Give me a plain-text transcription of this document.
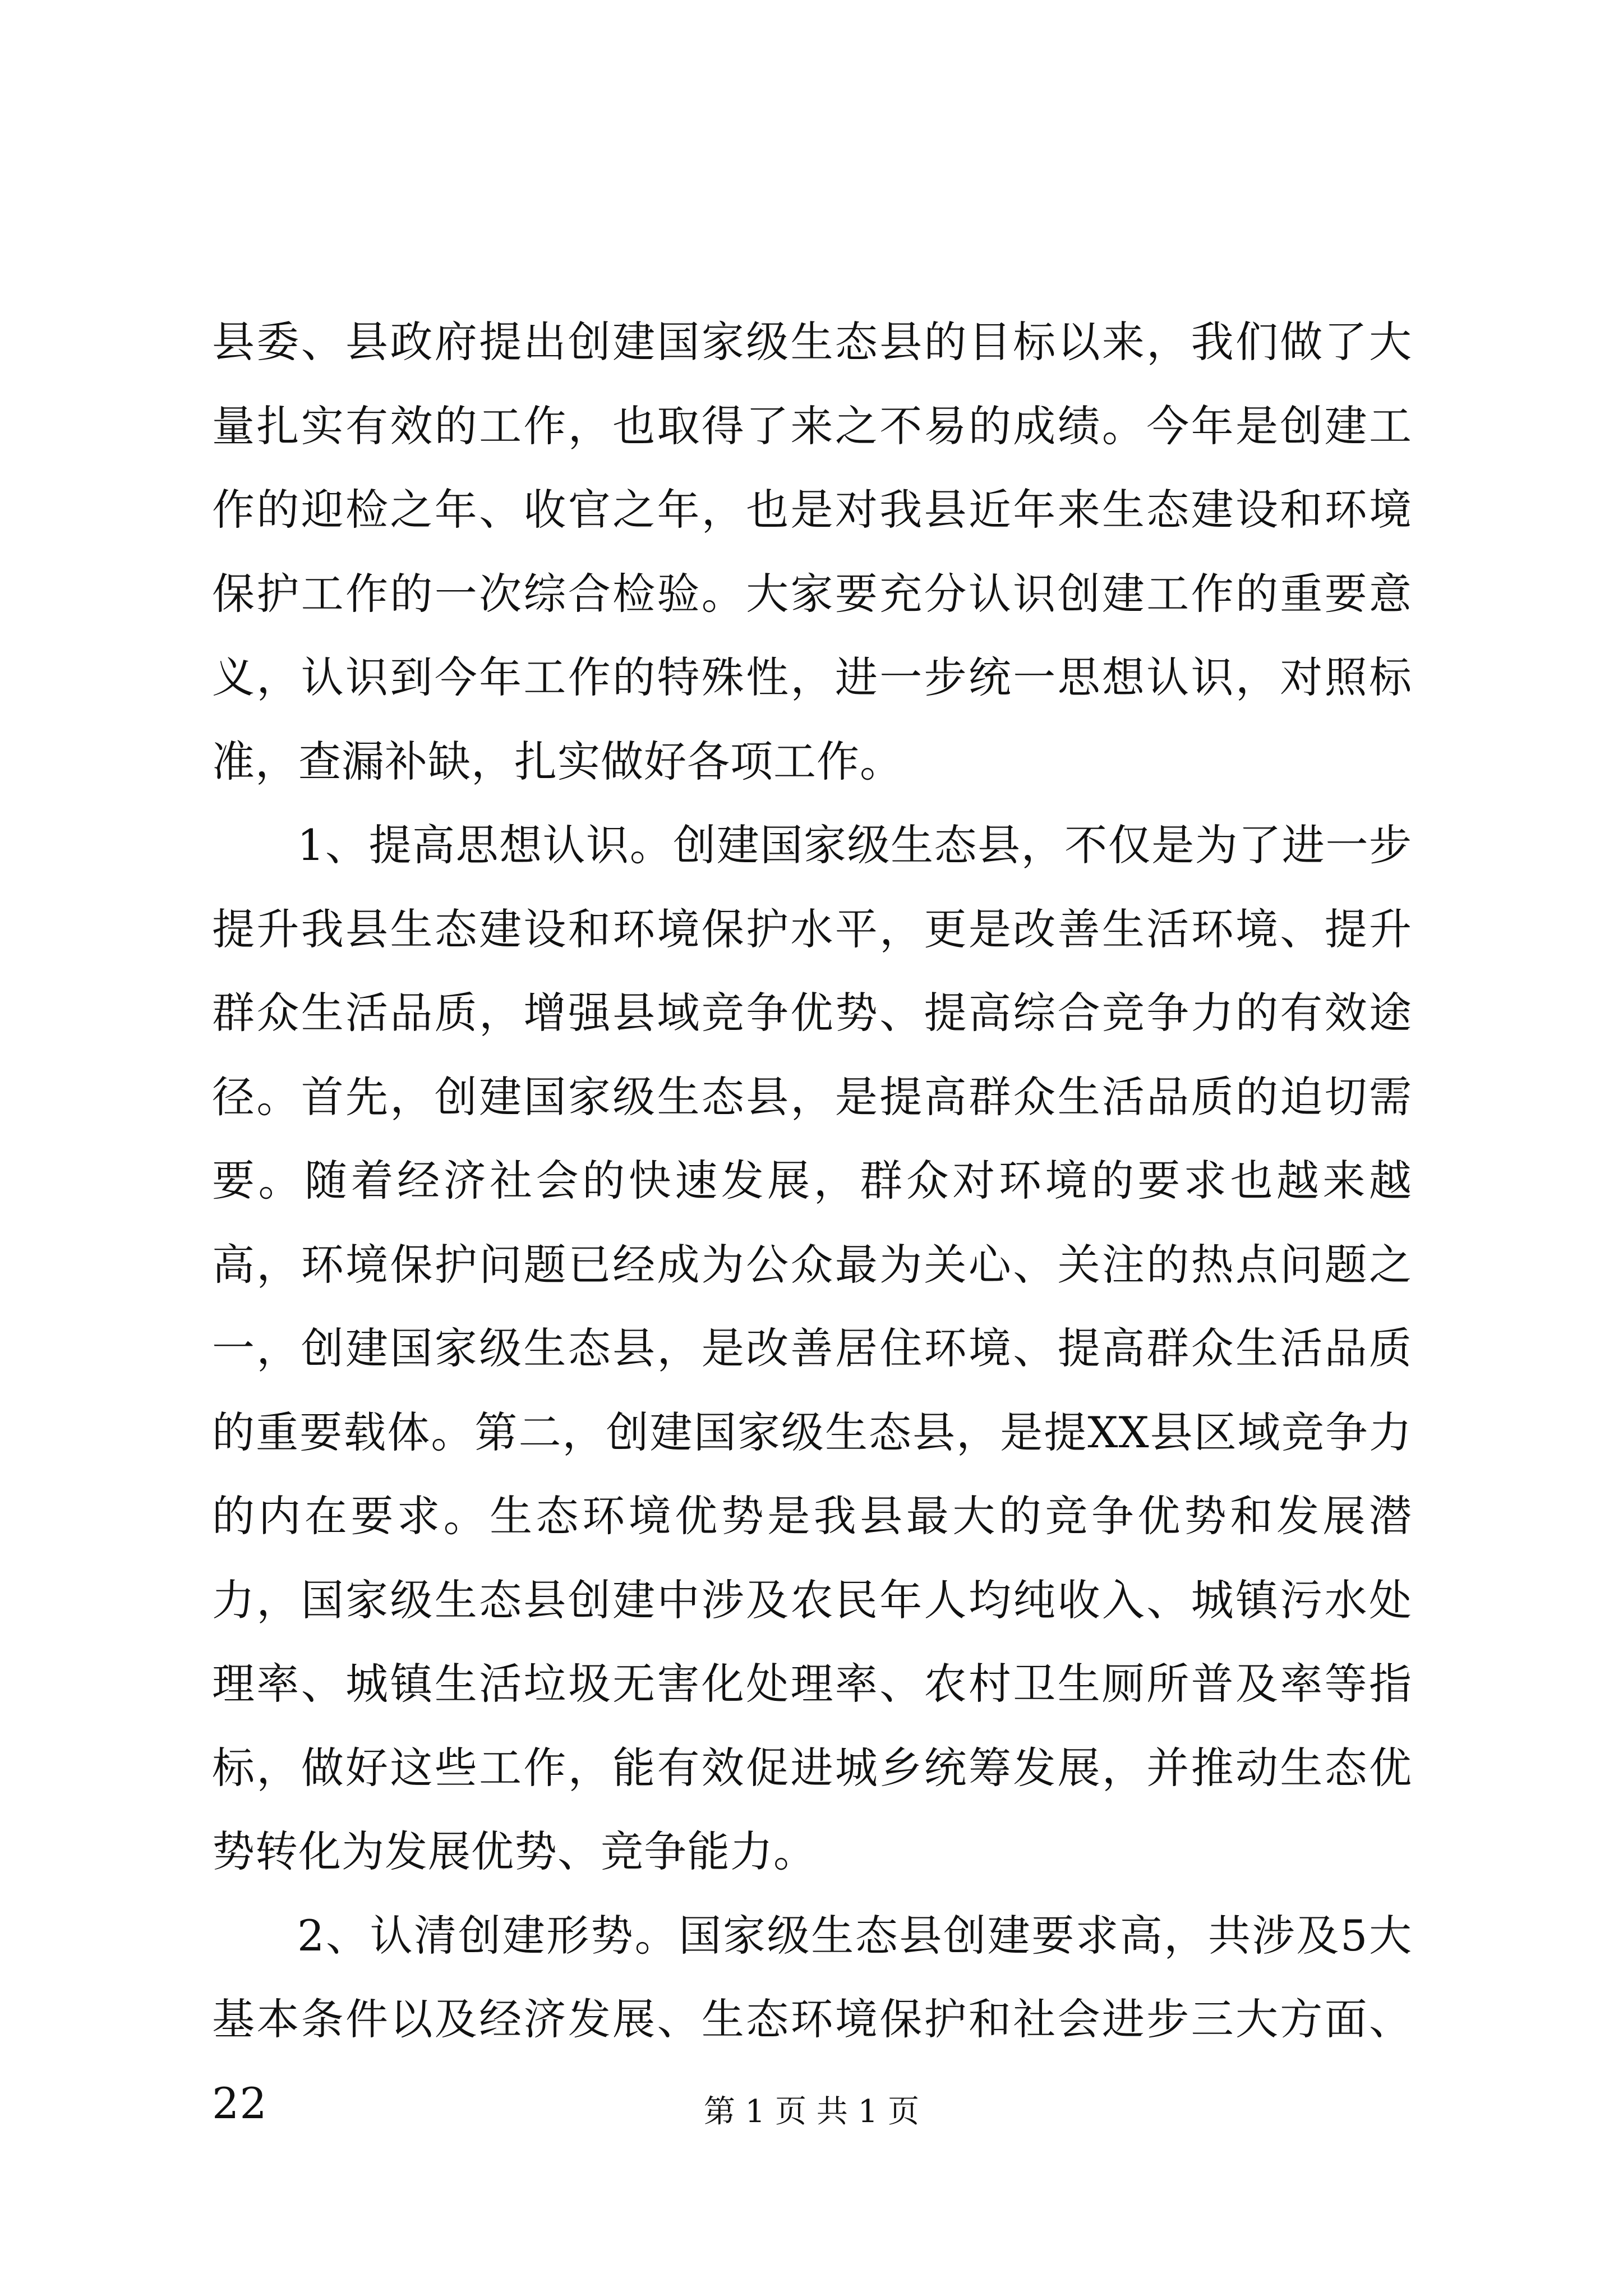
县委、县政府提出创建国家级生态县的目标以来，我们做了大量扎实有效的工作，也取得了来之不易的成绩。今年是创建工作的迎检之年、收官之年，也是对我县近年来生态建设和环境保护工作的一次综合检验。大家要充分认识创建工作的重要意义，认识到今年工作的特殊性，进一步统一思想认识，对照标准，查漏补缺，扎实做好各项工作。

1、提高思想认识。创建国家级生态县，不仅是为了进一步提升我县生态建设和环境保护水平，更是改善生活环境、提升群众生活品质，增强县域竞争优势、提高综合竞争力的有效途径。首先，创建国家级生态县，是提高群众生活品质的迫切需要。随着经济社会的快速发展，群众对环境的要求也越来越高，环境保护问题已经成为公众最为关心、关注的热点问题之一，创建国家级生态县，是改善居住环境、提高群众生活品质的重要载体。第二，创建国家级生态县，是提XX县区域竞争力的内在要求。生态环境优势是我县最大的竞争优势和发展潜力，国家级生态县创建中涉及农民年人均纯收入、城镇污水处理率、城镇生活垃圾无害化处理率、农村卫生厕所普及率等指标，做好这些工作，能有效促进城乡统筹发展，并推动生态优势转化为发展优势、竞争能力。

2、认清创建形势。国家级生态县创建要求高，共涉及5大基本条件以及经济发展、生态环境保护和社会进步三大方面、22	第 1 页 共 1 页
